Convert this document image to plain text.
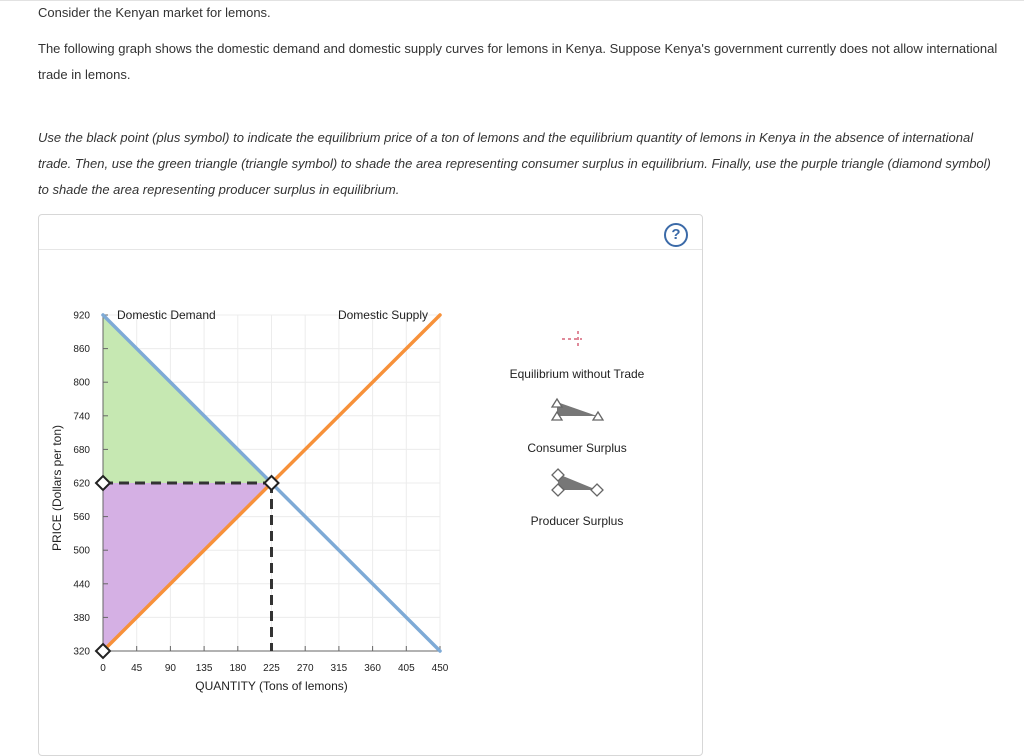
Consider the Kenyan market for lemons.

The following graph shows the domestic demand and domestic supply curves for lemons in Kenya. Suppose Kenya's government currently does not allow international trade in lemons.

Use the black point (plus symbol) to indicate the equilibrium price of a ton of lemons and the equilibrium quantity of lemons in Kenya in the absence of international trade. Then, use the green triangle (triangle symbol) to shade the area representing consumer surplus in equilibrium. Finally, use the purple triangle (diamond symbol) to shade the area representing producer surplus in equilibrium.

?
0	45 90 135 180 225 270 315 360 405 450
320
380
440
500
560
620
680
740
800
860
920 Domestic Demand	Domestic Supply
QUANTITY (Tons of lemons)
PRICE (Dollars per ton)
Equilibrium without Trade
Consumer Surplus
Producer Surplus
